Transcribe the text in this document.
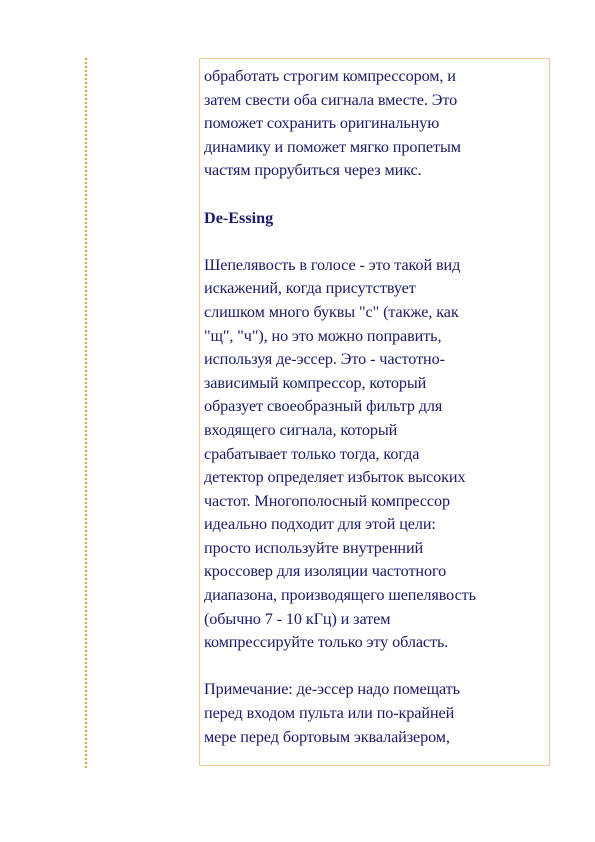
обработать строгим компрессором, и
затем свести оба сигнала вместе. Это
поможет сохранить оригинальную
динамику и поможет мягко пропетым
частям прорубиться через микс.

De-Essing

Шепелявость в голосе - это такой вид
искажений, когда присутствует
слишком много буквы "с" (также, как
"щ", "ч"), но это можно поправить,
используя де-эссер. Это - частотно-
зависимый компрессор, который
образует своеобразный фильтр для
входящего сигнала, который
срабатывает только тогда, когда
детектор определяет избыток высоких
частот. Многополосный компрессор
идеально подходит для этой цели:
просто используйте внутренний
кроссовер для изоляции частотного
диапазона, производящего шепелявость
(обычно 7 - 10 кГц) и затем
компрессируйте только эту область.

Примечание: де-эссер надо помещать
перед входом пульта или по-крайней
мере перед бортовым эквалайзером,
